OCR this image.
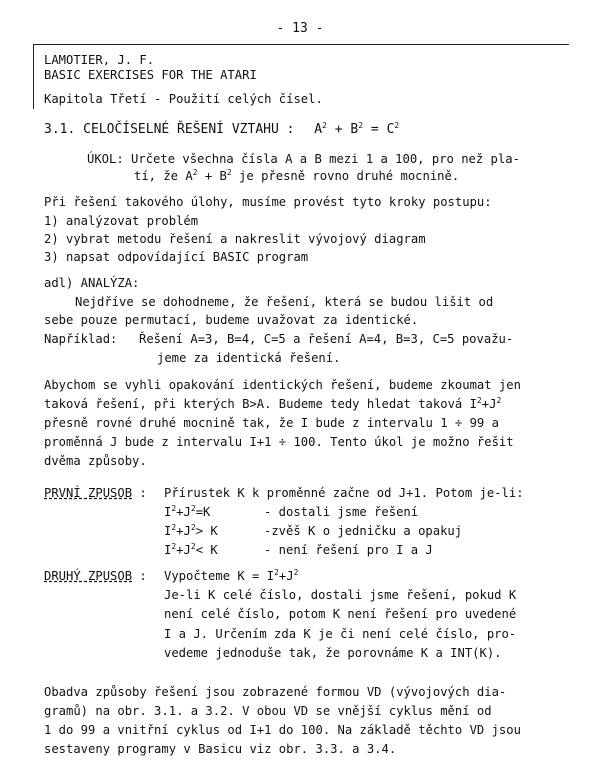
- 13 -
LAMOTIER, J. F.
BASIC EXERCISES FOR THE ATARI
Kapitola Třetí - Použití celých čísel.
3.1. CELOČÍSELNÉ ŘEŠENÍ VZTAHU : $A^2 + B^2 = C^2$
ÚKOL: Určete všechna čísla A a B mezi 1 a 100, pro než pla-
tí, že $A^2 + B^2$ je přesně rovno druhé mocnině.
Při řešení takového úlohy, musíme provést tyto kroky postupu:
1) analýzovat problém
2) vybrat metodu řešení a nakreslit vývojový diagram
3) napsat odpovídající BASIC program
adl) ANALÝZA:
Nejdříve se dohodneme, že řešení, která se budou lišit od
sebe pouze permutací, budeme uvažovat za identické.
Například: Řešení A=3, B=4, C=5 a řešení A=4, B=3, C=5 považu-
jeme za identická řešení.
Abychom se vyhli opakování identických řešení, budeme zkoumat jen
taková řešení, při kterých B>A. Budeme tedy hledat taková $I^2+J^2$
přesně rovné druhé mocnině tak, že I bude z intervalu 1 ÷ 99 a
proměnná J bude z intervalu I+1 ÷ 100. Tento úkol je možno řešit
dvěma způsoby.
PRVNÍ ZPUSOB : Přírustek K k proměnné začne od J+1. Potom je-li:
$I^2+J^2=K$	- dostali jsme řešení
$I^2+J^2> K$	-zvěš K o jedničku a opakuj
$I^2+J^2< K$	- není řešení pro I a J
DRUHÝ ZPUSOB : Vypočteme $K = I^2+J^2$
Je-li K celé číslo, dostali jsme řešení, pokud K
není celé číslo, potom K není řešení pro uvedené
I a J. Určením zda K je či není celé číslo, pro-
vedeme jednoduše tak, že porovnáme K a INT(K).
Obadva způsoby řešení jsou zobrazené formou VD (vývojových dia-
gramů) na obr. 3.1. a 3.2. V obou VD se vnější cyklus mění od
1 do 99 a vnitřní cyklus od I+1 do 100. Na základě těchto VD jsou
sestaveny programy v Basicu viz obr. 3.3. a 3.4.
